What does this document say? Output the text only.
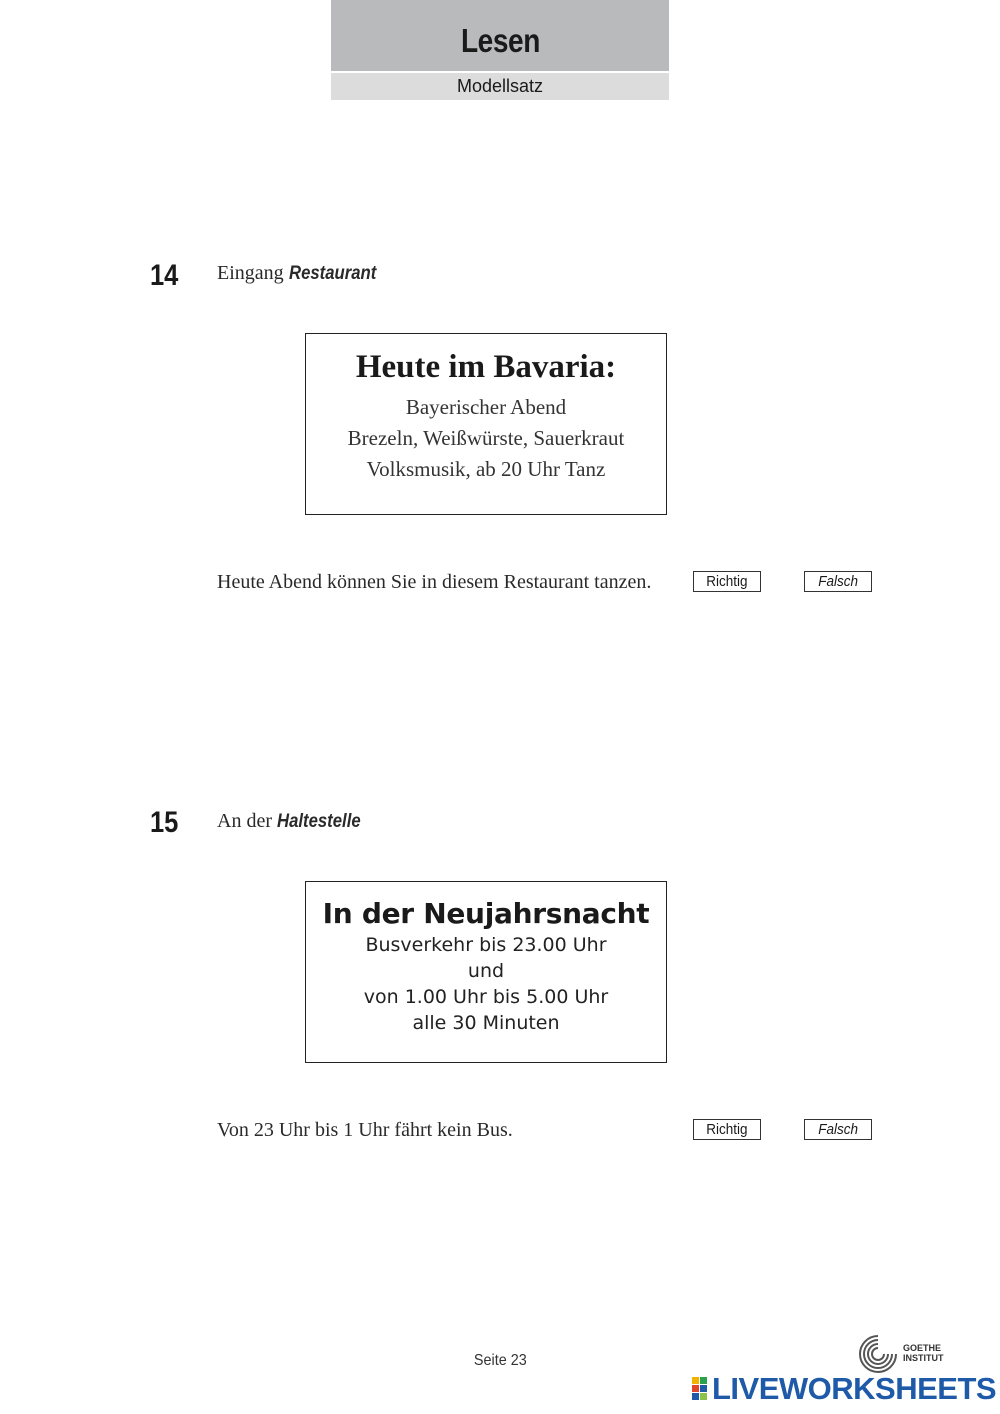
Lesen
Modellsatz
14 Eingang Restaurant
Heute im Bavaria:
Bayerischer Abend
Brezeln, Weißwürste, Sauerkraut
Volksmusik, ab 20 Uhr Tanz
Heute Abend können Sie in diesem Restaurant tanzen.	Richtig	Falsch
15 An der Haltestelle
In der Neujahrsnacht
Busverkehr bis 23.00 Uhr
und
von 1.00 Uhr bis 5.00 Uhr
alle 30 Minuten
Von 23 Uhr bis 1 Uhr fährt kein Bus.	Richtig	Falsch
Seite 23
GOETHE
INSTITUT
LIVEWORKSHEETS
